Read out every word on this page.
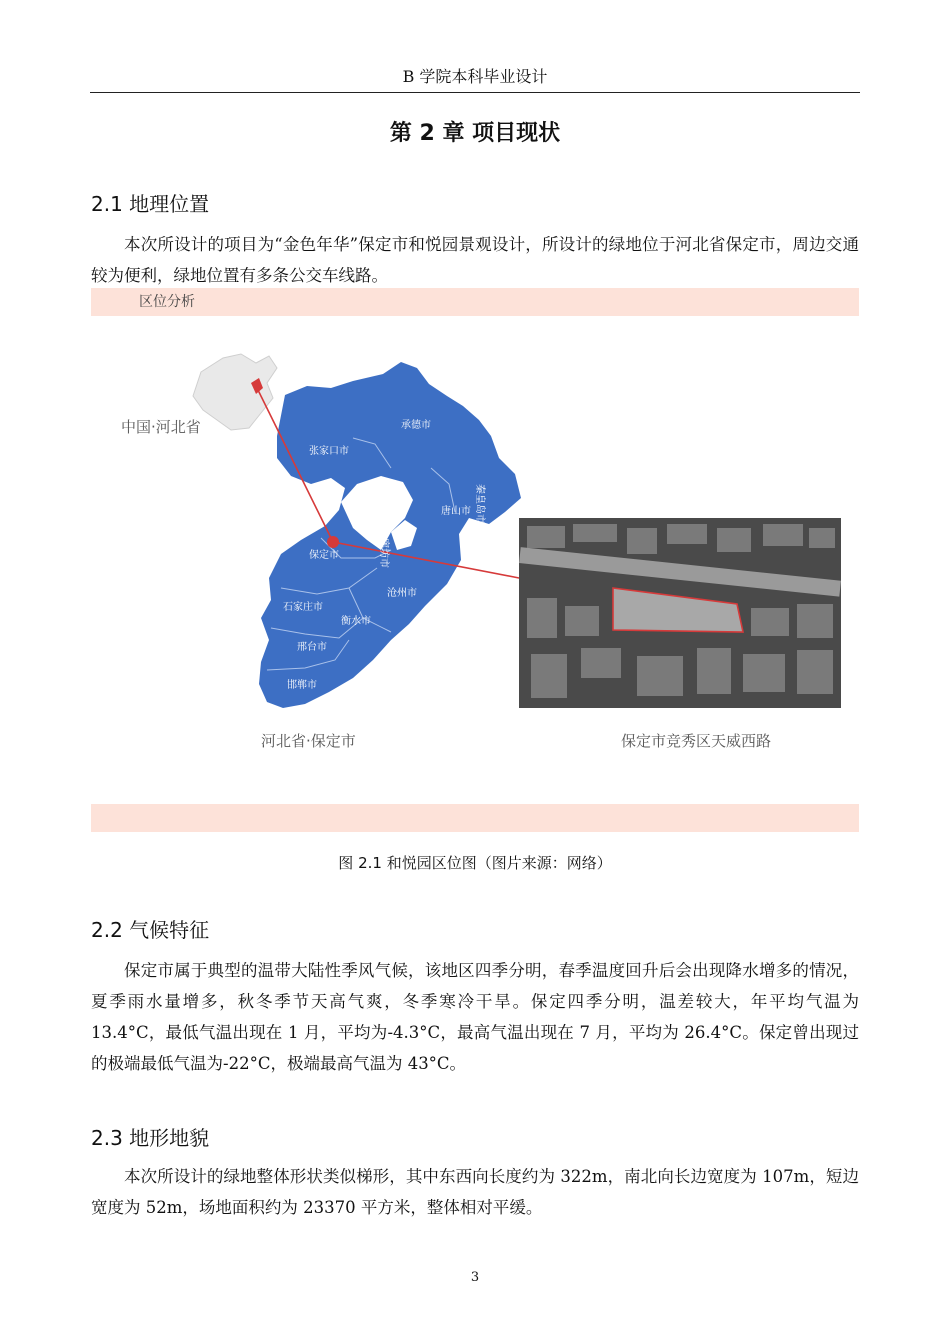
B 学院本科毕业设计
第 2 章 项目现状
2.1 地理位置
本次所设计的项目为“金色年华”保定市和悦园景观设计，所设计的绿地位于河北省保定市，周边交通较为便利，绿地位置有多条公交车线路。
区位分析
张家口市
承德市
秦皇岛市
唐山市
廊坊市
保定市
沧州市
石家庄市
衡水市
邢台市
邯郸市
中国·河北省
河北省·保定市	保定市竞秀区天威西路
图 2.1 和悦园区位图（图片来源：网络）
2.2 气候特征
保定市属于典型的温带大陆性季风气候，该地区四季分明，春季温度回升后会出现降水增多的情况，夏季雨水量增多，秋冬季节天高气爽，冬季寒冷干旱。保定四季分明，温差较大，年平均气温为 13.4°C，最低气温出现在 1 月，平均为-4.3°C，最高气温出现在 7 月，平均为 26.4°C。保定曾出现过的极端最低气温为-22°C，极端最高气温为 43°C。
2.3 地形地貌
本次所设计的绿地整体形状类似梯形，其中东西向长度约为 322m，南北向长边宽度为 107m，短边宽度为 52m，场地面积约为 23370 平方米，整体相对平缓。
3
